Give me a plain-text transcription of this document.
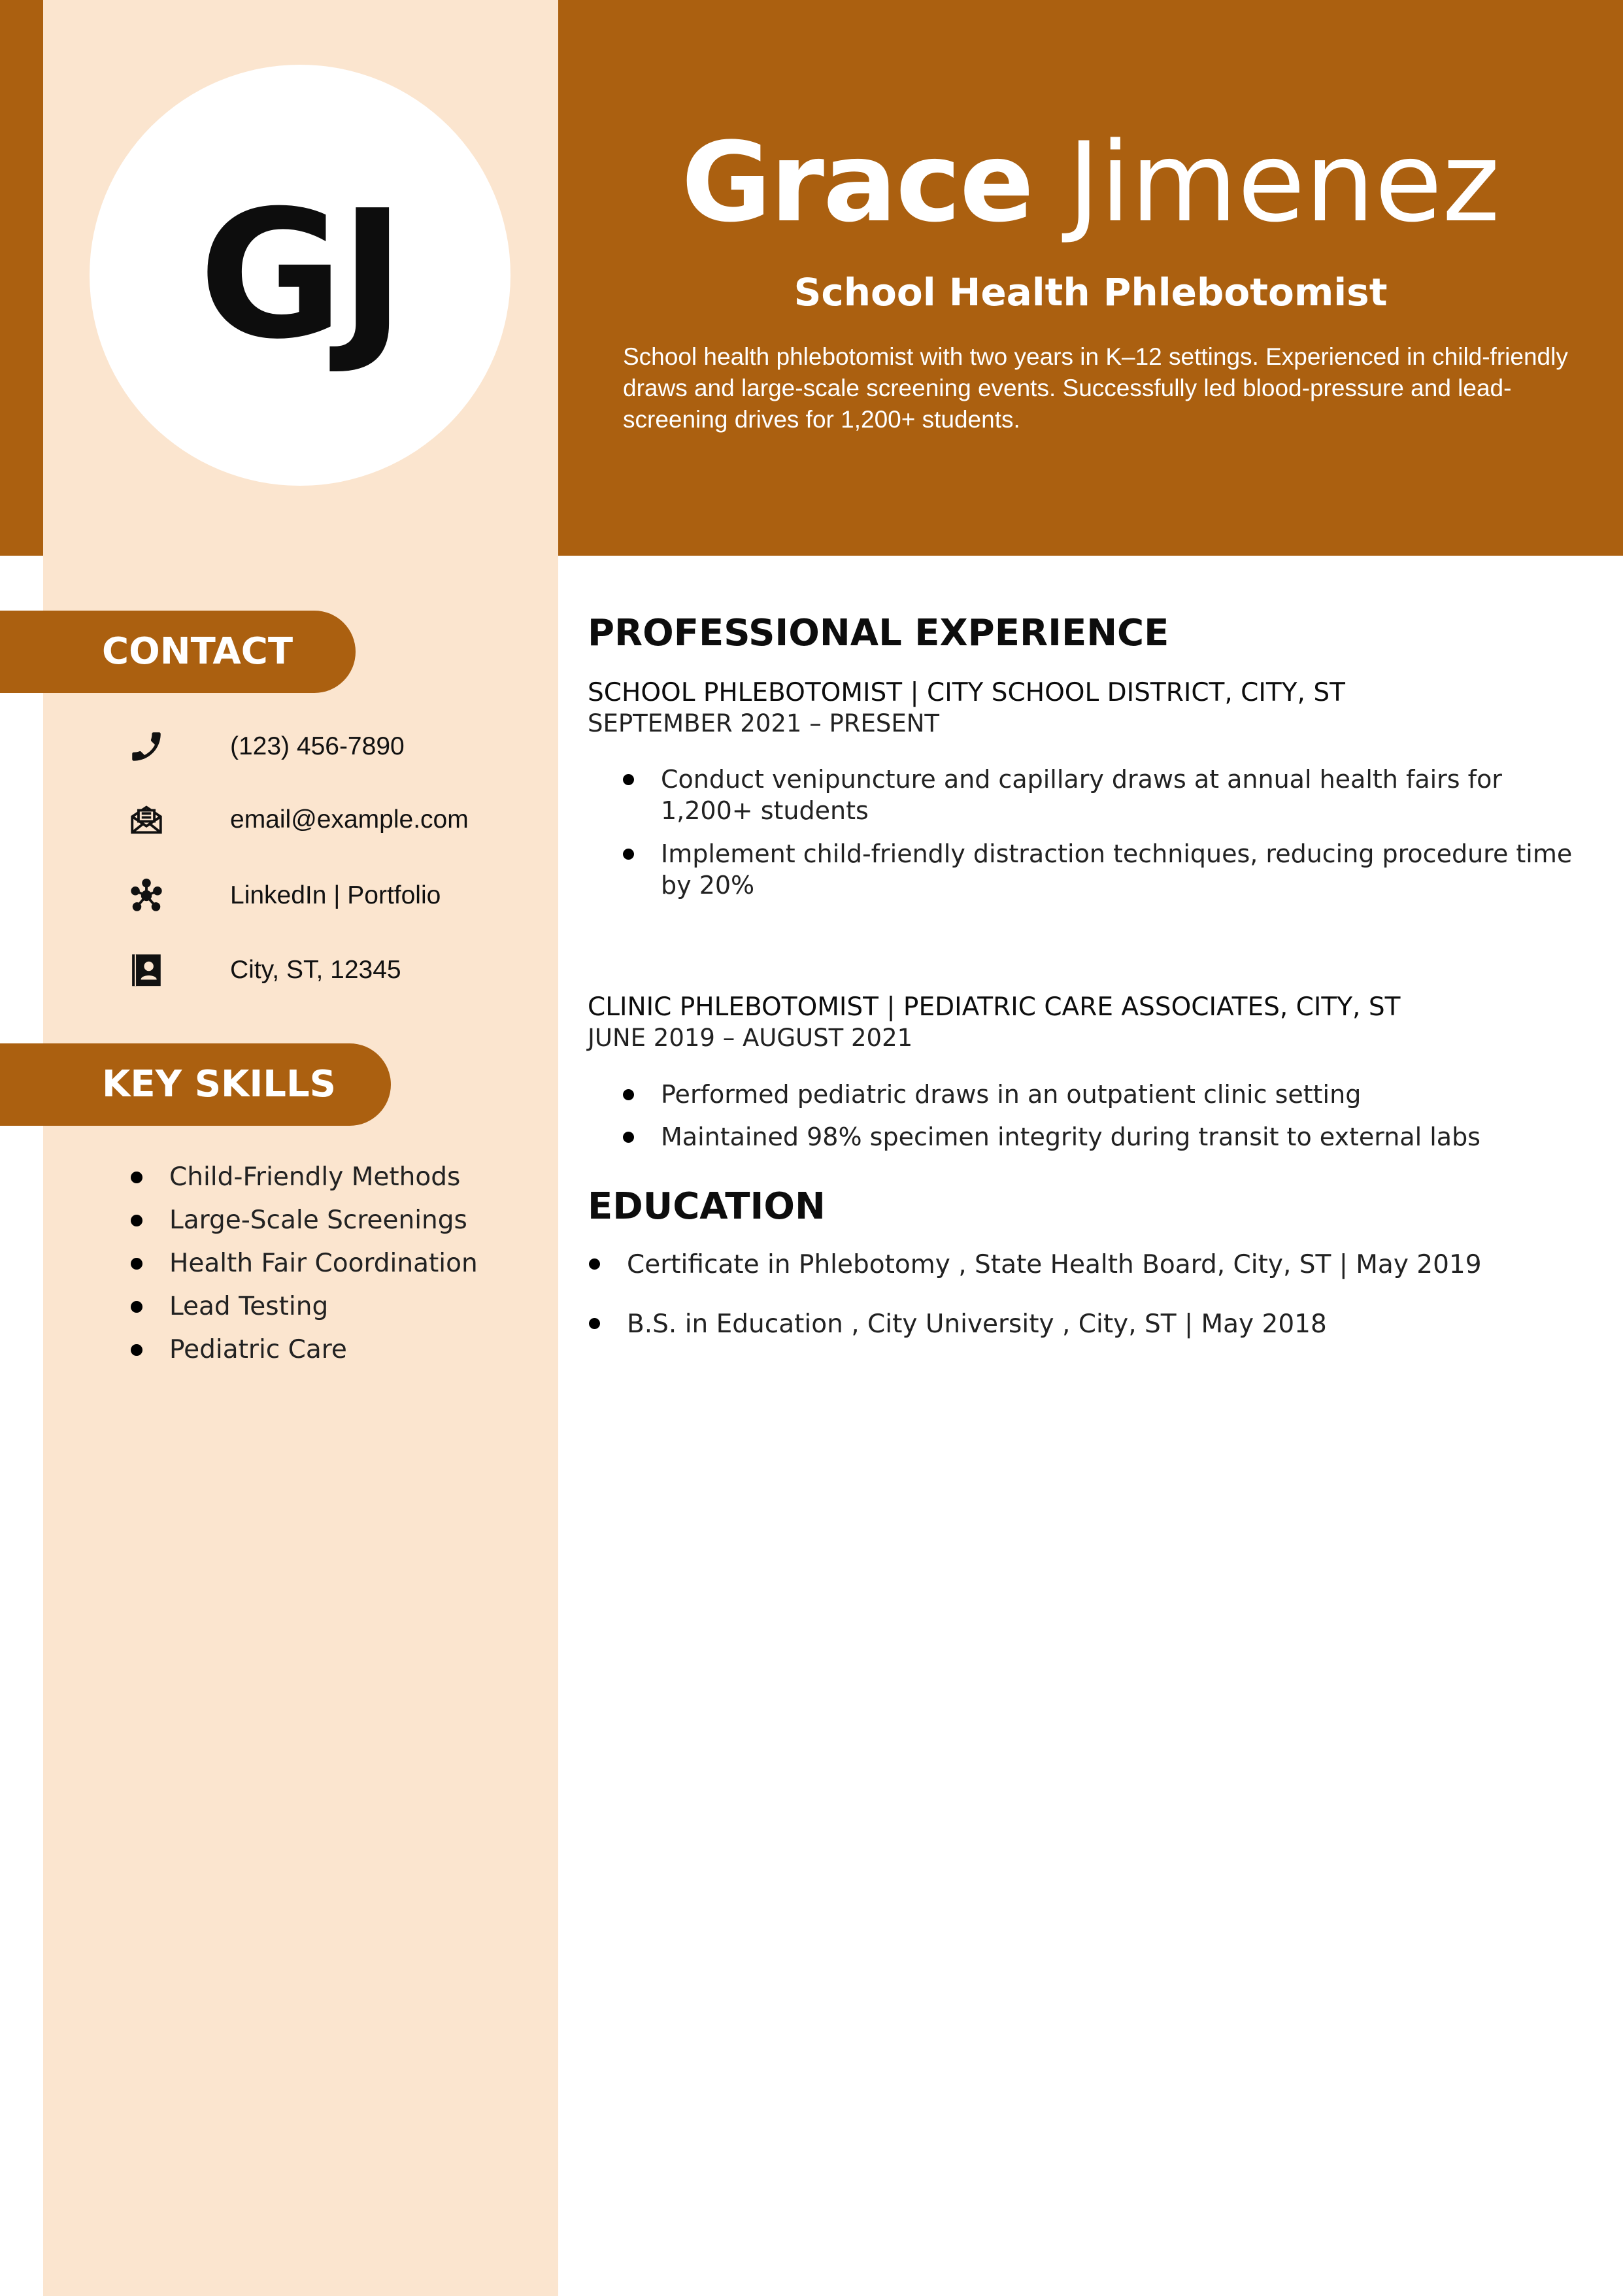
GJ	Grace Jimenez
School Health Phlebotomist
School health phlebotomist with two years in K–12 settings. Experienced in child-friendly draws and large-scale screening events. Successfully led blood-pressure and lead-screening drives for 1,200+ students.
CONTACT
(123) 456-7890
email@example.com
LinkedIn | Portfolio
City, ST, 12345
KEY SKILLS
Child-Friendly Methods
Large-Scale Screenings
Health Fair Coordination
Lead Testing
Pediatric Care
PROFESSIONAL EXPERIENCE
SCHOOL PHLEBOTOMIST | CITY SCHOOL DISTRICT, CITY, ST
SEPTEMBER 2021 – PRESENT
Conduct venipuncture and capillary draws at annual health fairs for 1,200+ students
Implement child-friendly distraction techniques, reducing procedure time by 20%
CLINIC PHLEBOTOMIST | PEDIATRIC CARE ASSOCIATES, CITY, ST
JUNE 2019 – AUGUST 2021
Performed pediatric draws in an outpatient clinic setting
Maintained 98% specimen integrity during transit to external labs
EDUCATION
Certificate in Phlebotomy , State Health Board, City, ST | May 2019
B.S. in Education , City University , City, ST | May 2018
